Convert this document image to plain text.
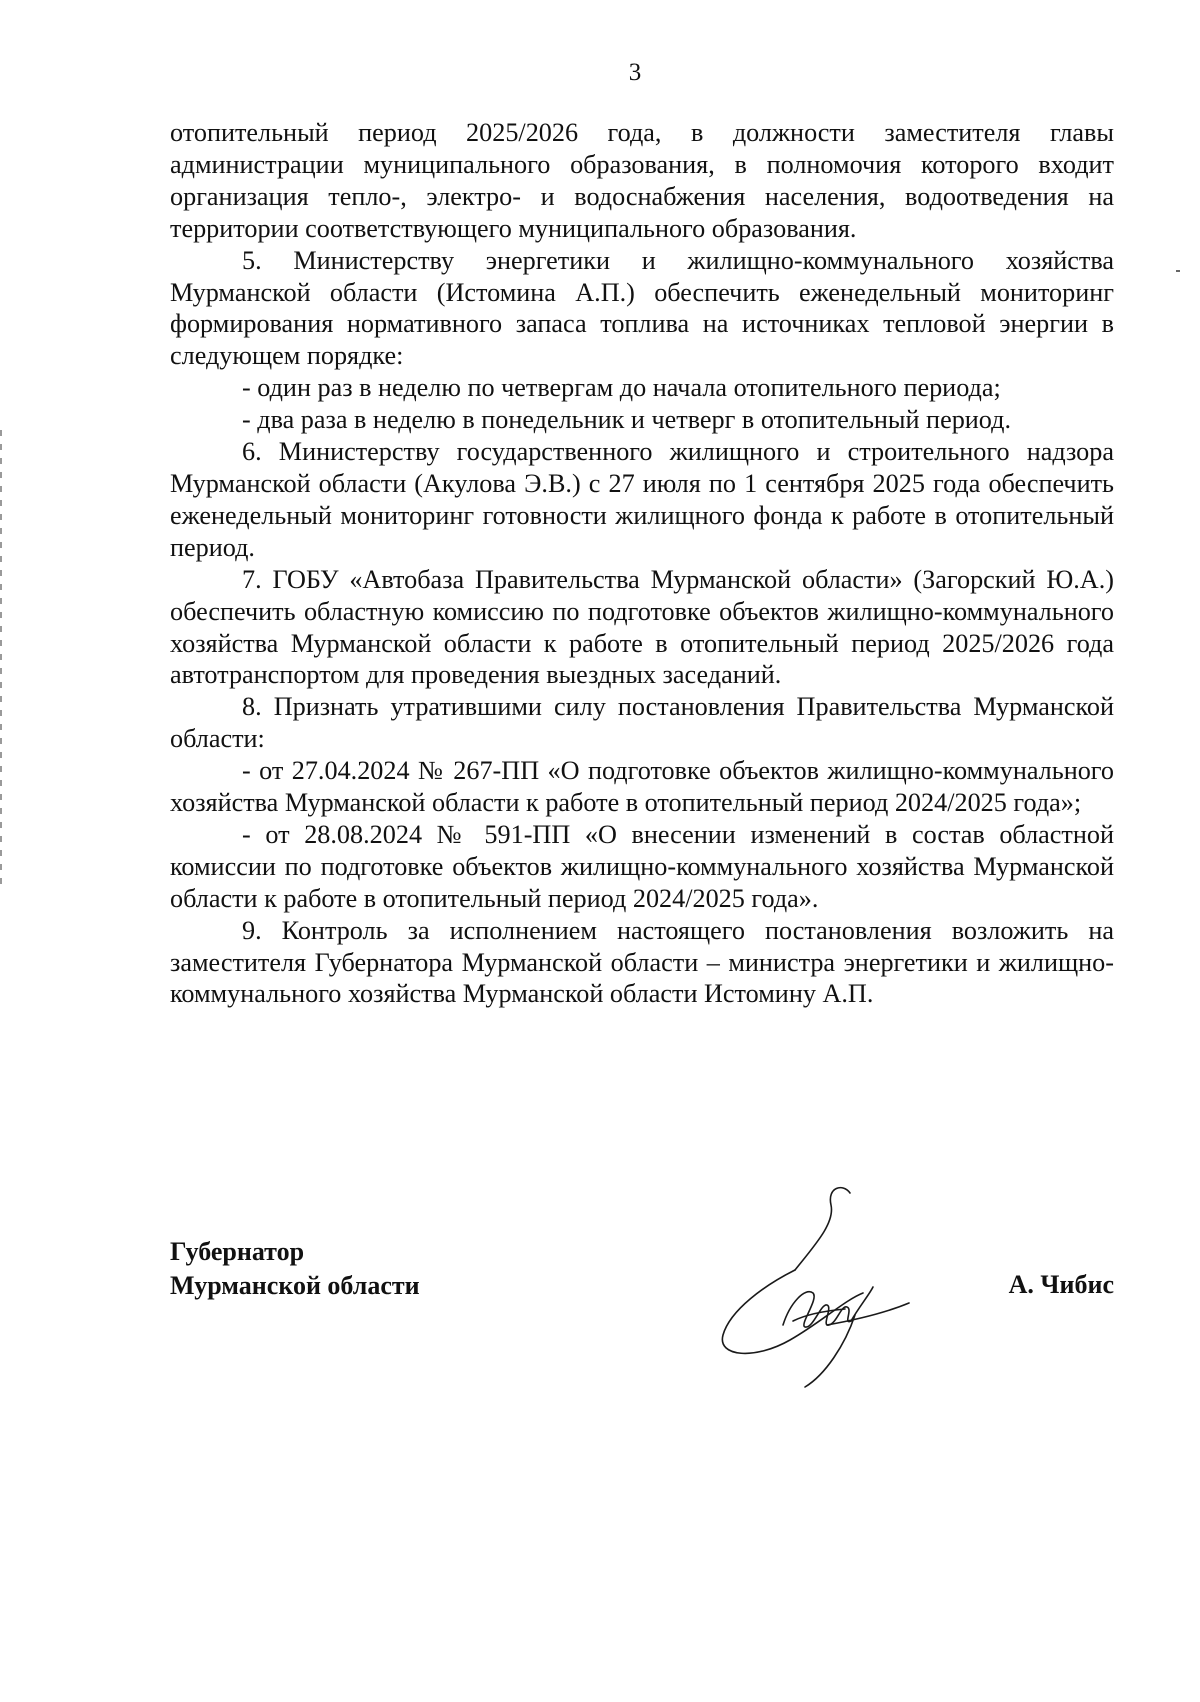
3

отопительный период 2025/2026 года, в должности заместителя главы администрации муниципального образования, в полномочия которого входит организация тепло-, электро- и водоснабжения населения, водоотведения на территории соответствующего муниципального образования.

5. Министерству энергетики и жилищно-коммунального хозяйства Мурманской области (Истомина А.П.) обеспечить еженедельный мониторинг формирования нормативного запаса топлива на источниках тепловой энергии в следующем порядке:

- один раз в неделю по четвергам до начала отопительного периода;

- два раза в неделю в понедельник и четверг в отопительный период.

6. Министерству государственного жилищного и строительного надзора Мурманской области (Акулова Э.В.) с 27 июля по 1 сентября 2025 года обеспечить еженедельный мониторинг готовности жилищного фонда к работе в отопительный период.

7. ГОБУ «Автобаза Правительства Мурманской области» (Загорский Ю.А.) обеспечить областную комиссию по подготовке объектов жилищно-коммунального хозяйства Мурманской области к работе в отопительный период 2025/2026 года автотранспортом для проведения выездных заседаний.

8. Признать утратившими силу постановления Правительства Мурманской области:

- от 27.04.2024 № 267-ПП «О подготовке объектов жилищно-коммунального хозяйства Мурманской области к работе в отопительный период 2024/2025 года»;

- от 28.08.2024 № 591-ПП «О внесении изменений в состав областной комиссии по подготовке объектов жилищно-коммунального хозяйства Мурманской области к работе в отопительный период 2024/2025 года».

9. Контроль за исполнением настоящего постановления возложить на заместителя Губернатора Мурманской области – министра энергетики и жилищно-коммунального хозяйства Мурманской области Истомину А.П.

Губернатор
Мурманской области	А. Чибис
